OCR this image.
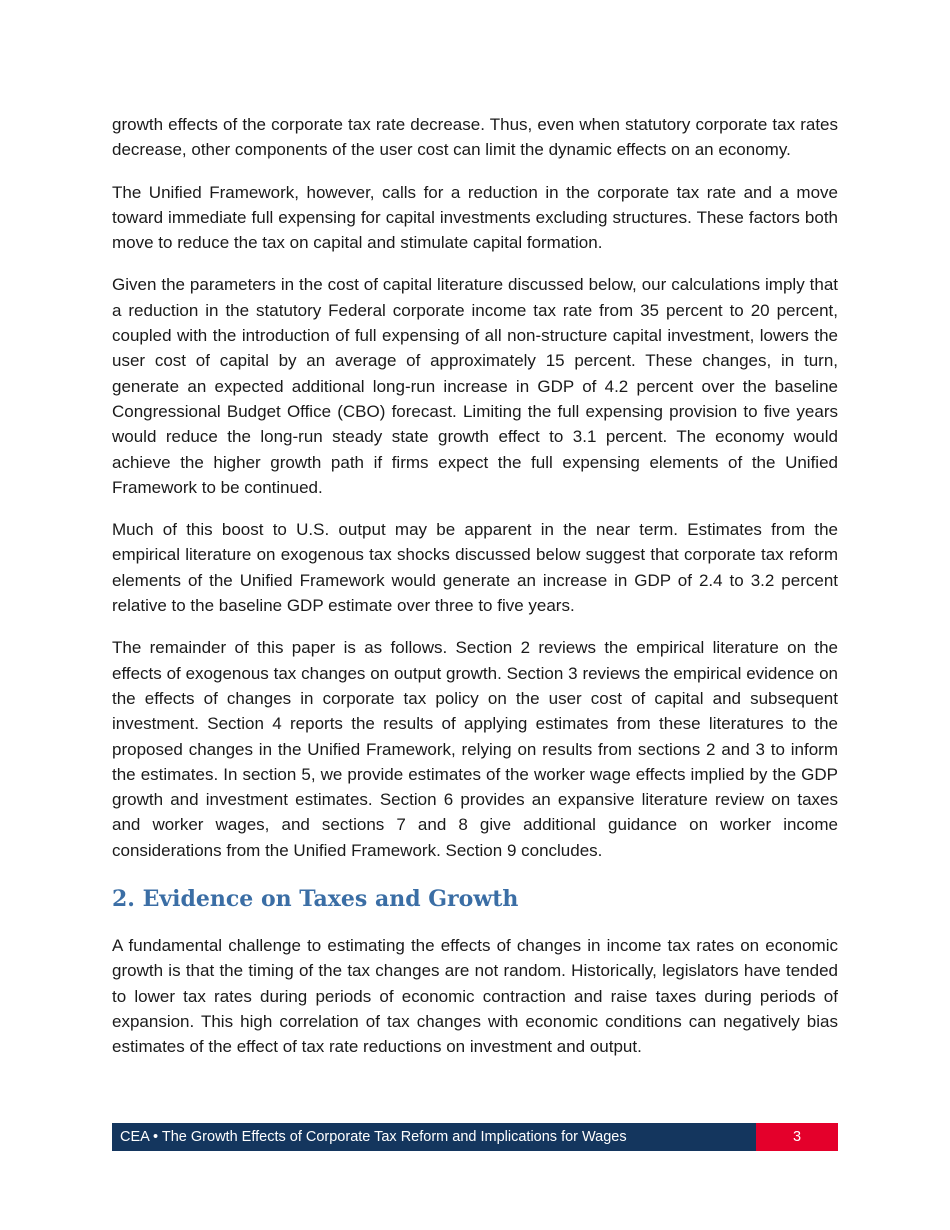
growth effects of the corporate tax rate decrease. Thus, even when statutory corporate tax rates decrease, other components of the user cost can limit the dynamic effects on an economy.

The Unified Framework, however, calls for a reduction in the corporate tax rate and a move toward immediate full expensing for capital investments excluding structures. These factors both move to reduce the tax on capital and stimulate capital formation.

Given the parameters in the cost of capital literature discussed below, our calculations imply that a reduction in the statutory Federal corporate income tax rate from 35 percent to 20 percent, coupled with the introduction of full expensing of all non-structure capital investment, lowers the user cost of capital by an average of approximately 15 percent. These changes, in turn, generate an expected additional long-run increase in GDP of 4.2 percent over the baseline Congressional Budget Office (CBO) forecast. Limiting the full expensing provision to five years would reduce the long-run steady state growth effect to 3.1 percent. The economy would achieve the higher growth path if firms expect the full expensing elements of the Unified Framework to be continued.

Much of this boost to U.S. output may be apparent in the near term. Estimates from the empirical literature on exogenous tax shocks discussed below suggest that corporate tax reform elements of the Unified Framework would generate an increase in GDP of 2.4 to 3.2 percent relative to the baseline GDP estimate over three to five years.

The remainder of this paper is as follows. Section 2 reviews the empirical literature on the effects of exogenous tax changes on output growth. Section 3 reviews the empirical evidence on the effects of changes in corporate tax policy on the user cost of capital and subsequent investment. Section 4 reports the results of applying estimates from these literatures to the proposed changes in the Unified Framework, relying on results from sections 2 and 3 to inform the estimates. In section 5, we provide estimates of the worker wage effects implied by the GDP growth and investment estimates. Section 6 provides an expansive literature review on taxes and worker wages, and sections 7 and 8 give additional guidance on worker income considerations from the Unified Framework. Section 9 concludes.

2. Evidence on Taxes and Growth

A fundamental challenge to estimating the effects of changes in income tax rates on economic growth is that the timing of the tax changes are not random. Historically, legislators have tended to lower tax rates during periods of economic contraction and raise taxes during periods of expansion. This high correlation of tax changes with economic conditions can negatively bias estimates of the effect of tax rate reductions on investment and output.

CEA • The Growth Effects of Corporate Tax Reform and Implications for Wages	3
